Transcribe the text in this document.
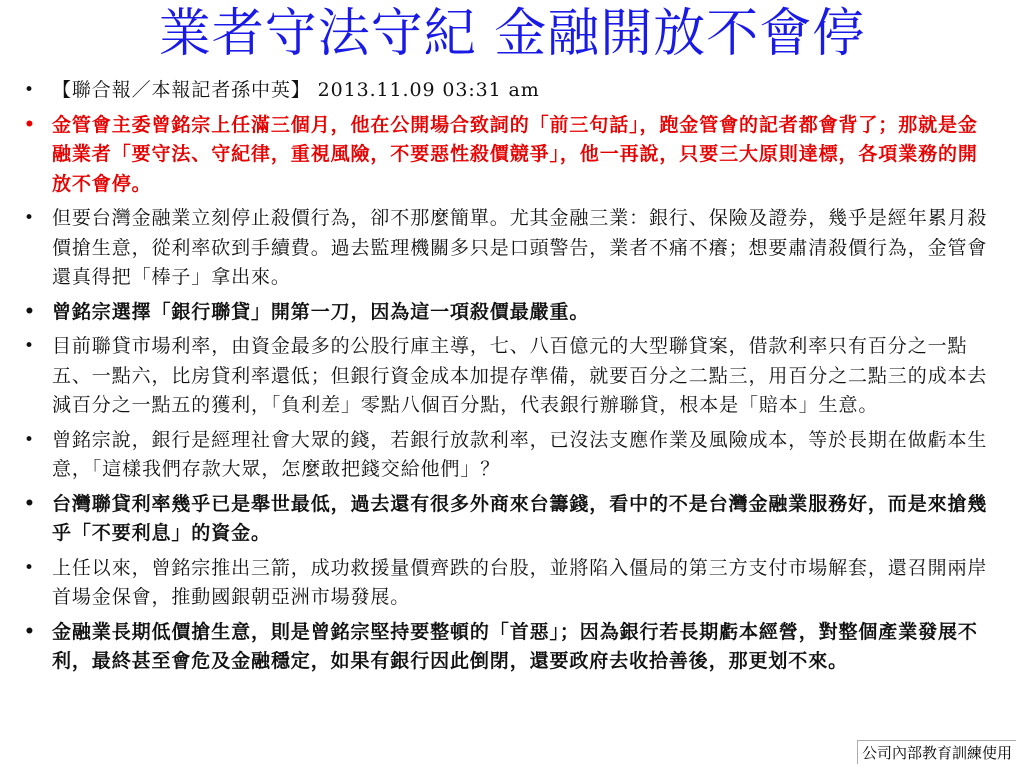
業者守法守紀 金融開放不會停
• 【聯合報／本報記者孫中英】 2013.11.09 03:31 am
• 金管會主委曾銘宗上任滿三個月，他在公開場合致詞的「前三句話」，跑金管會的記者都會背了；那就是金融業者「要守法、守紀律，重視風險，不要惡性殺價競爭」，他一再說，只要三大原則達標，各項業務的開放不會停。
• 但要台灣金融業立刻停止殺價行為，卻不那麼簡單。尤其金融三業：銀行、保險及證券，幾乎是經年累月殺價搶生意，從利率砍到手續費。過去監理機關多只是口頭警告，業者不痛不癢；想要肅清殺價行為，金管會還真得把「棒子」拿出來。
• 曾銘宗選擇「銀行聯貸」開第一刀，因為這一項殺價最嚴重。
• 目前聯貸市場利率，由資金最多的公股行庫主導，七、八百億元的大型聯貸案，借款利率只有百分之一點五、一點六，比房貸利率還低；但銀行資金成本加提存準備，就要百分之二點三，用百分之二點三的成本去減百分之一點五的獲利，「負利差」零點八個百分點，代表銀行辦聯貸，根本是「賠本」生意。
• 曾銘宗說，銀行是經理社會大眾的錢，若銀行放款利率，已沒法支應作業及風險成本，等於長期在做虧本生意，「這樣我們存款大眾，怎麼敢把錢交給他們」？
• 台灣聯貸利率幾乎已是舉世最低，過去還有很多外商來台籌錢，看中的不是台灣金融業服務好，而是來搶幾乎「不要利息」的資金。
• 上任以來，曾銘宗推出三箭，成功救援量價齊跌的台股，並將陷入僵局的第三方支付市場解套，還召開兩岸首場金保會，推動國銀朝亞洲市場發展。
• 金融業長期低價搶生意，則是曾銘宗堅持要整頓的「首惡」；因為銀行若長期虧本經營，對整個產業發展不利，最終甚至會危及金融穩定，如果有銀行因此倒閉，還要政府去收拾善後，那更划不來。
公司內部教育訓練使用
